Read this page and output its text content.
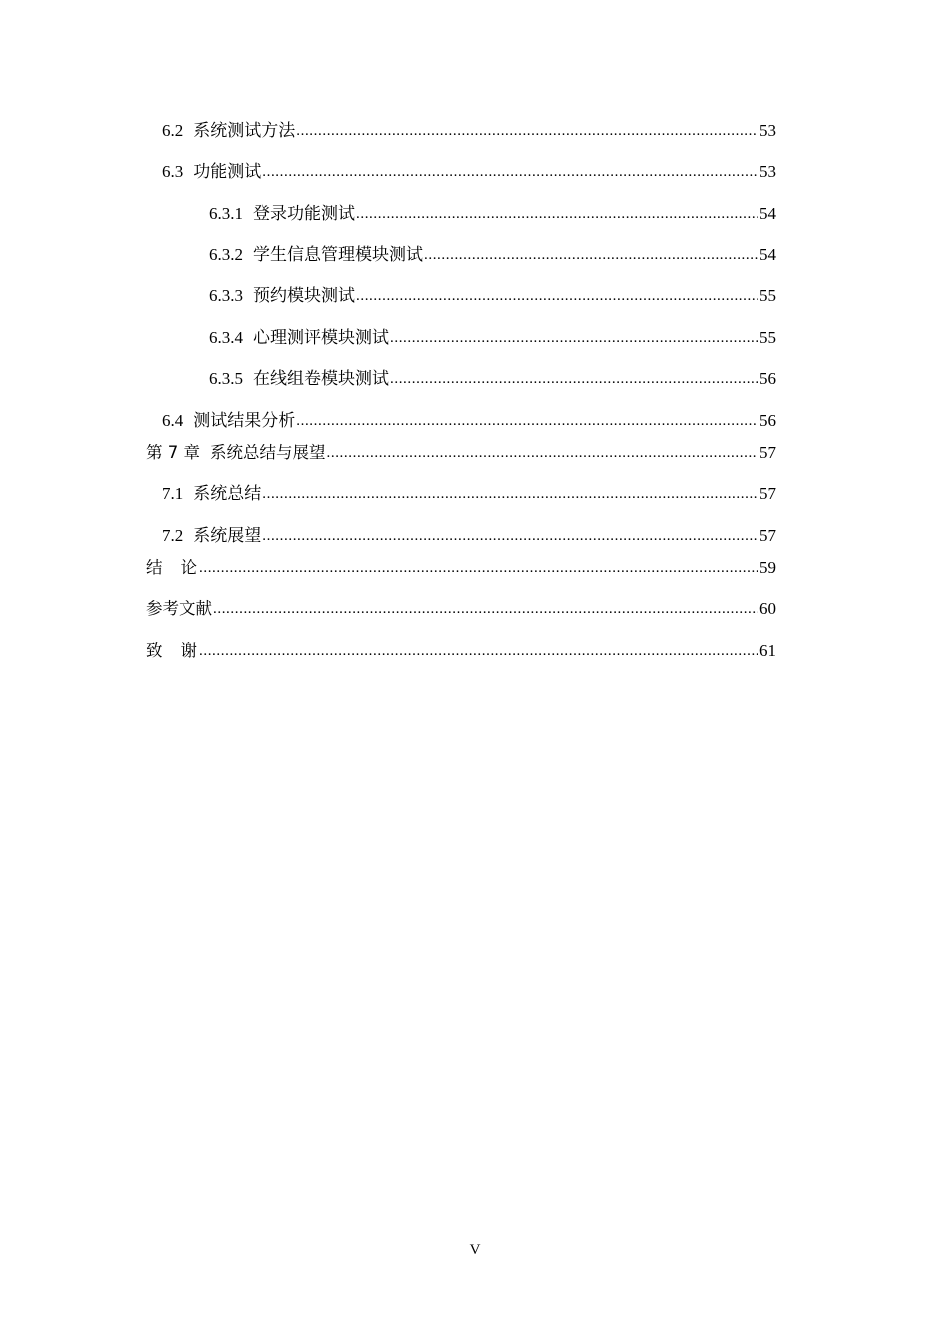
6.2 系统测试方法 .....	53
6.3 功能测试 .....	53
6.3.1 登录功能测试 .....	54
6.3.2 学生信息管理模块测试 .....	54
6.3.3 预约模块测试 .....	55
6.3.4 心理测评模块测试 .....	55
6.3.5 在线组卷模块测试 .....	56
6.4 测试结果分析 .....	56
第 7 章 系统总结与展望 .....	57
7.1 系统总结 .....	57
7.2 系统展望 .....	57
结论 .....	59
参考文献 .....	60
致谢 .....	61
V
